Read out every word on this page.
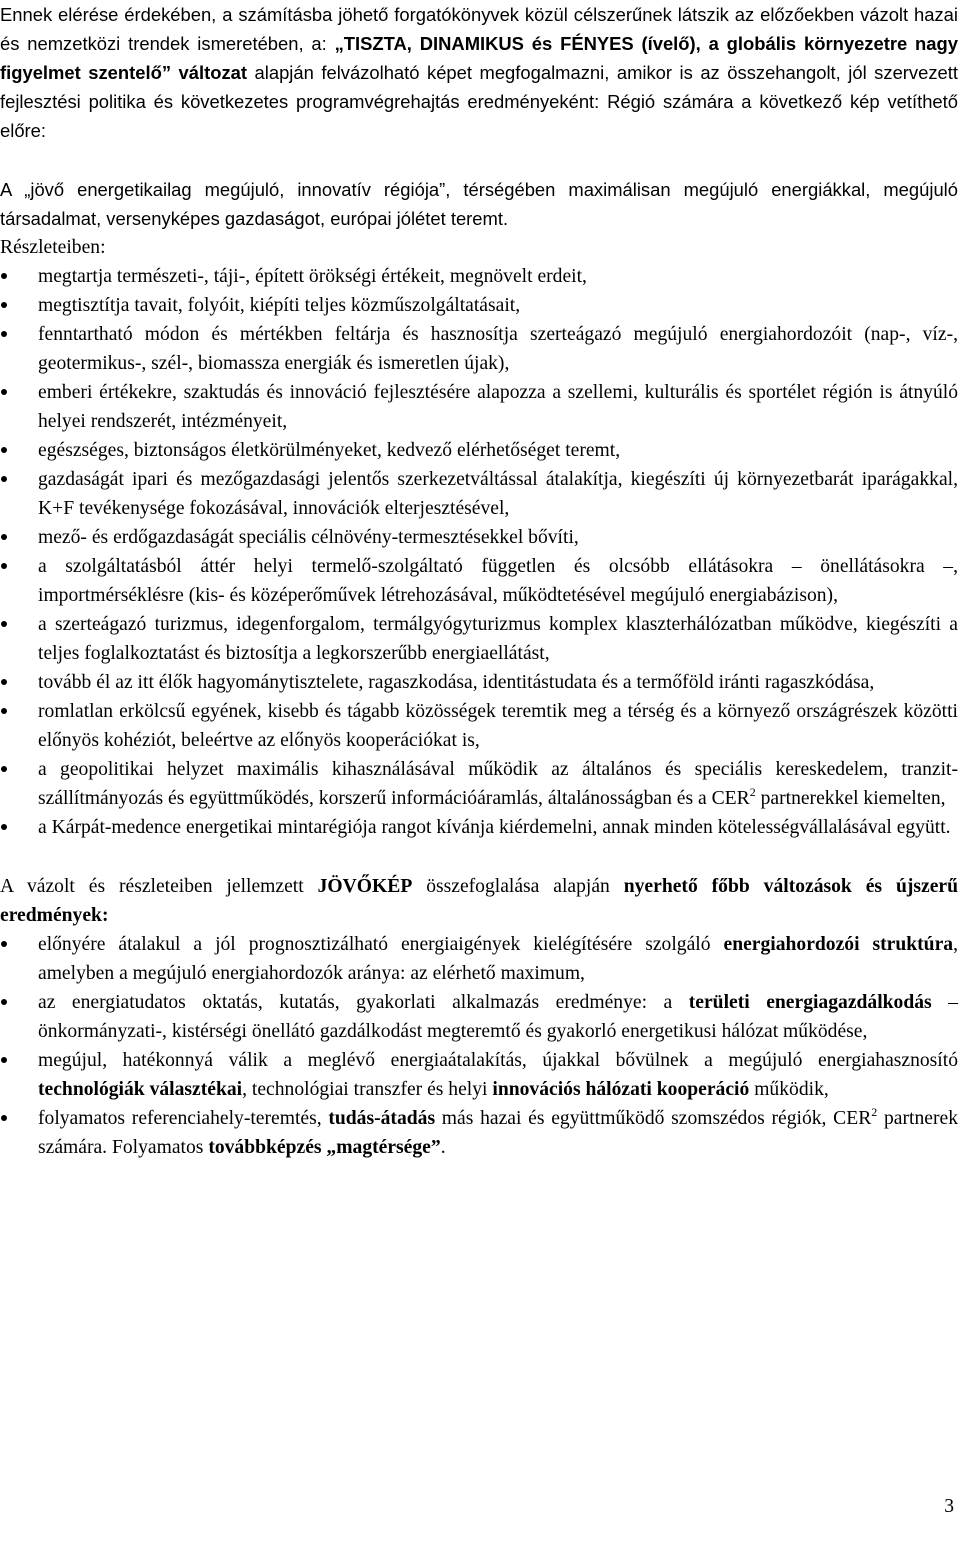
Ennek elérése érdekében, a számításba jöhető forgatókönyvek közül célszerűnek látszik az előzőekben vázolt hazai és nemzetközi trendek ismeretében, a: „TISZTA, DINAMIKUS és FÉNYES (ívelő), a globális környezetre nagy figyelmet szentelő” változat alapján felvázolható képet megfogalmazni, amikor is az összehangolt, jól szervezett fejlesztési politika és következetes programvégrehajtás eredményeként: Régió számára a következő kép vetíthető előre:

A „jövő energetikailag megújuló, innovatív régiója”, térségében maximálisan megújuló energiákkal, megújuló társadalmat, versenyképes gazdaságot, európai jólétet teremt.

Részleteiben:

megtartja természeti-, táji-, épített örökségi értékeit, megnövelt erdeit,
megtisztítja tavait, folyóit, kiépíti teljes közműszolgáltatásait,
fenntartható módon és mértékben feltárja és hasznosítja szerteágazó megújuló energiahordozóit (nap-, víz-, geotermikus-, szél-, biomassza energiák és ismeretlen újak),
emberi értékekre, szaktudás és innováció fejlesztésére alapozza a szellemi, kulturális és sportélet régión is átnyúló helyei rendszerét, intézményeit,
egészséges, biztonságos életkörülményeket, kedvező elérhetőséget teremt,
gazdaságát ipari és mezőgazdasági jelentős szerkezetváltással átalakítja, kiegészíti új környezetbarát iparágakkal, K+F tevékenysége fokozásával, innovációk elterjesztésével,
mező- és erdőgazdaságát speciális célnövény-termesztésekkel bővíti,
a szolgáltatásból áttér helyi termelő-szolgáltató független és olcsóbb ellátásokra – önellátásokra –, importmérséklésre (kis- és középerőművek létrehozásával, működtetésével megújuló energiabázison),
a szerteágazó turizmus, idegenforgalom, termálgyógyturizmus komplex klaszterhálózatban működve, kiegészíti a teljes foglalkoztatást és biztosítja a legkorszerűbb energiaellátást,
tovább él az itt élők hagyománytisztelete, ragaszkodása, identitástudata és a termőföld iránti ragaszkódása,
romlatlan erkölcsű egyének, kisebb és tágabb közösségek teremtik meg a térség és a környező országrészek közötti előnyös kohéziót, beleértve az előnyös kooperációkat is,
a geopolitikai helyzet maximális kihasználásával működik az általános és speciális kereskedelem, tranzit-szállítmányozás és együttműködés, korszerű információáramlás, általánosságban és a CER$^2$ partnerekkel kiemelten,
a Kárpát-medence energetikai mintarégiója rangot kívánja kiérdemelni, annak minden kötelességvállalásával együtt.

A vázolt és részleteiben jellemzett JÖVŐKÉP összefoglalása alapján nyerhető főbb változások és újszerű eredmények:

előnyére átalakul a jól prognosztizálható energiaigények kielégítésére szolgáló energiahordozói struktúra, amelyben a megújuló energiahordozók aránya: az elérhető maximum,
az energiatudatos oktatás, kutatás, gyakorlati alkalmazás eredménye: a területi energiagazdálkodás – önkormányzati-, kistérségi önellátó gazdálkodást megteremtő és gyakorló energetikusi hálózat működése,
megújul, hatékonnyá válik a meglévő energiaátalakítás, újakkal bővülnek a megújuló energiahasznosító technológiák választékai, technológiai transzfer és helyi innovációs hálózati kooperáció működik,
folyamatos referenciahely-teremtés, tudás-átadás más hazai és együttműködő szomszédos régiók, CER$^2$ partnerek számára. Folyamatos továbbképzés „magtérsége”.
3
